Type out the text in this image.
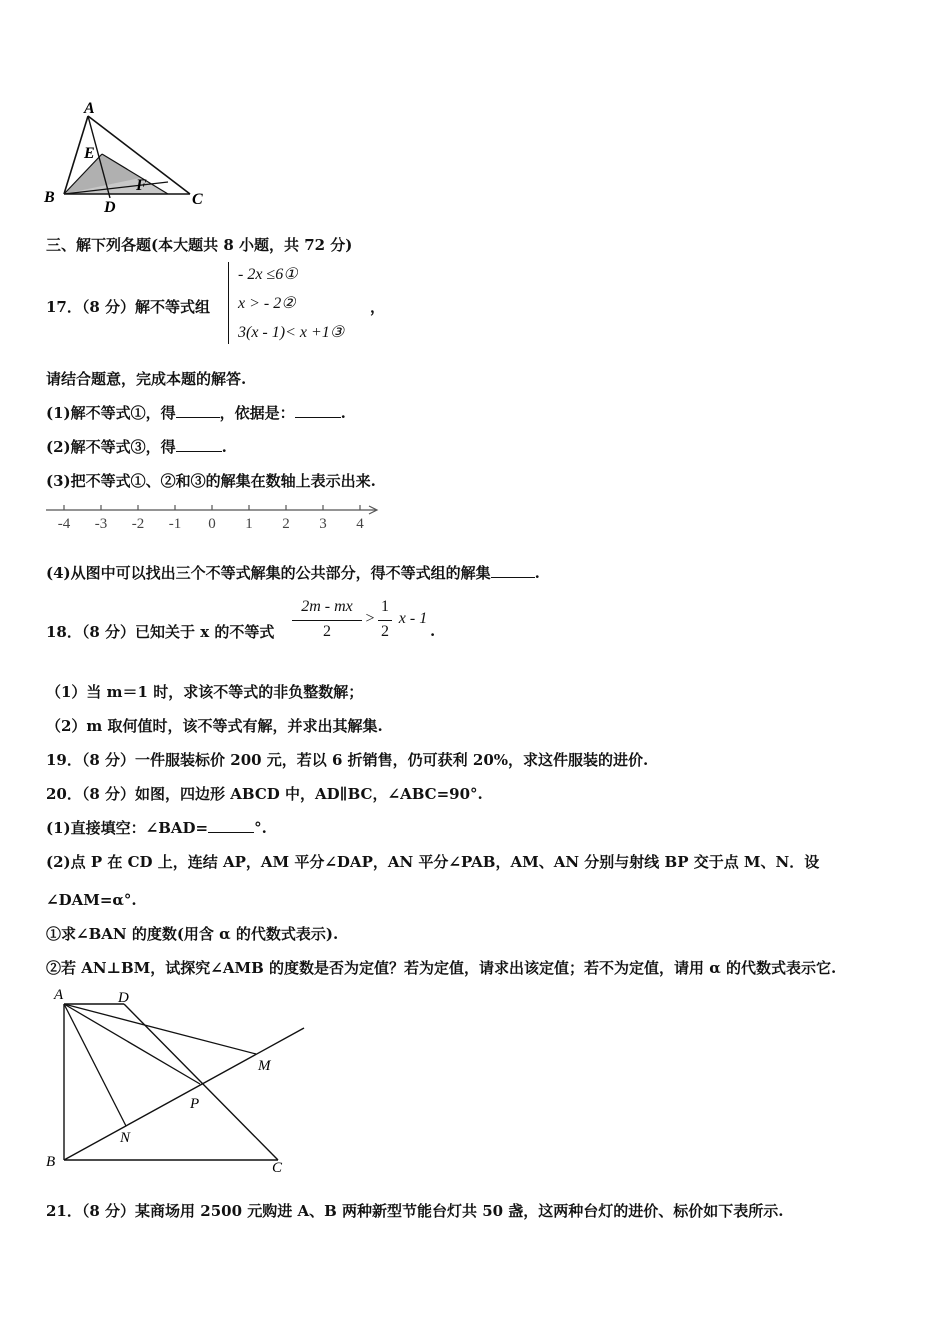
A
E
F
B
D	C
三、解下列各题(本大题共 8 小题，共 72 分)
17．（8 分）解不等式组
- 2x ≤6①
x > - 2②
3(x - 1)< x +1③
，
请结合题意，完成本题的解答.
(1)解不等式①，得	，依据是：	.
(2)解不等式③，得	.
(3)把不等式①、②和③的解集在数轴上表示出来.
-4 -3 -2 -1 0 1 2 3 4
(4)从图中可以找出三个不等式解集的公共部分，得不等式组的解集	.
18．（8 分）已知关于 x 的不等式
2m - mx
2
>
1
2
x - 1
.
（1）当 m＝1 时，求该不等式的非负整数解；
（2）m 取何值时，该不等式有解，并求出其解集.
19．（8 分）一件服装标价 200 元，若以 6 折销售，仍可获利 20%，求这件服装的进价.
20．（8 分）如图，四边形 ABCD 中，AD∥BC，∠ABC=90°.
(1)直接填空：∠BAD=	°.
(2)点 P 在 CD 上，连结 AP，AM 平分∠DAP，AN 平分∠PAB，AM、AN 分别与射线 BP 交于点 M、N．设
∠DAM=α°.
①求∠BAN 的度数(用含 α 的代数式表示).
②若 AN⊥BM，试探究∠AMB 的度数是否为定值？若为定值，请求出该定值；若不为定值，请用 α 的代数式表示它.
A	D
M
P
N
B	C
21．（8 分）某商场用 2500 元购进 A、B 两种新型节能台灯共 50 盏，这两种台灯的进价、标价如下表所示.
